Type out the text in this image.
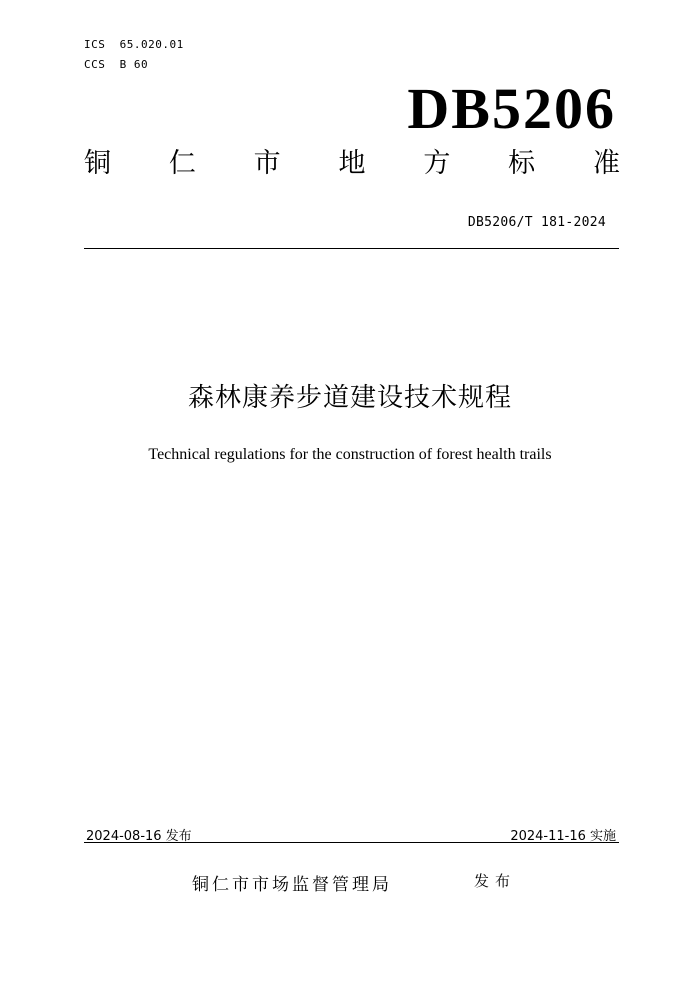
ICS  65.020.01
CCS  B 60
DB5206
铜 仁 市 地 方 标 准
DB5206/T 181-2024
森林康养步道建设技术规程
Technical regulations for the construction of forest health trails
2024-08-16 发布	2024-11-16 实施
铜仁市市场监督管理局	发布
